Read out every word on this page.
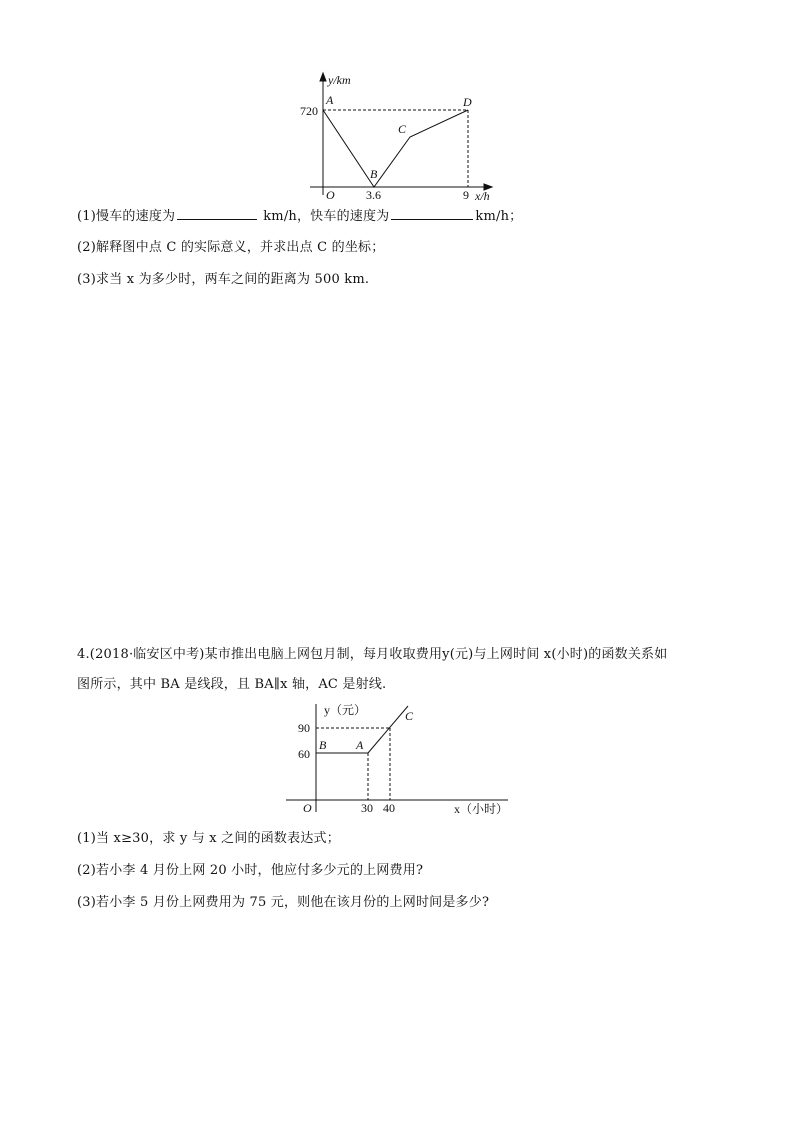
y/km
720
A
B
C
D
O	3.6	9 x/h
(1)慢车的速度为	km/h，快车的速度为	km/h；
(2)解释图中点 C 的实际意义，并求出点 C 的坐标；
(3)求当 x 为多少时，两车之间的距离为 500 km.
4.(2018·临安区中考)某市推出电脑上网包月制，每月收取费用y(元)与上网时间 x(小时)的函数关系如
图所示，其中 BA 是线段，且 BA∥x 轴，AC 是射线.
y（元）
90
60
B A
C
O	30 40	x（小时）
(1)当 x≥30，求 y 与 x 之间的函数表达式；
(2)若小李 4 月份上网 20 小时，他应付多少元的上网费用?
(3)若小李 5 月份上网费用为 75 元，则他在该月份的上网时间是多少?
